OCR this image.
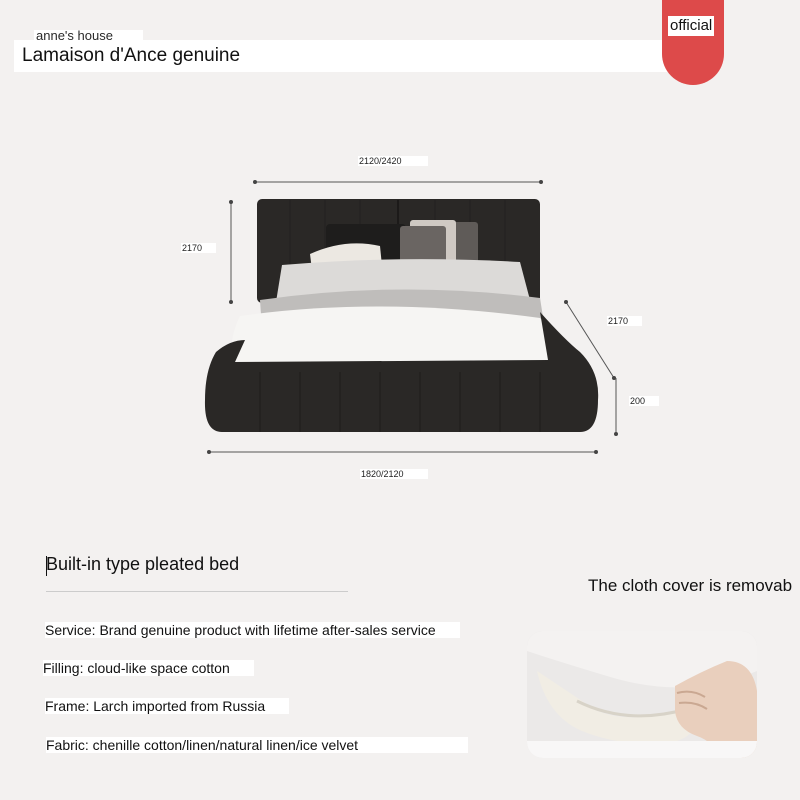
anne's house
Lamaison d'Ance genuine
official
2120/2420
2170
2170
200
1820/2120
Built-in type pleated bed
Service: Brand genuine product with lifetime after-sales service
Filling: cloud-like space cotton
Frame: Larch imported from Russia
Fabric: chenille cotton/linen/natural linen/ice velvet
The cloth cover is removab
